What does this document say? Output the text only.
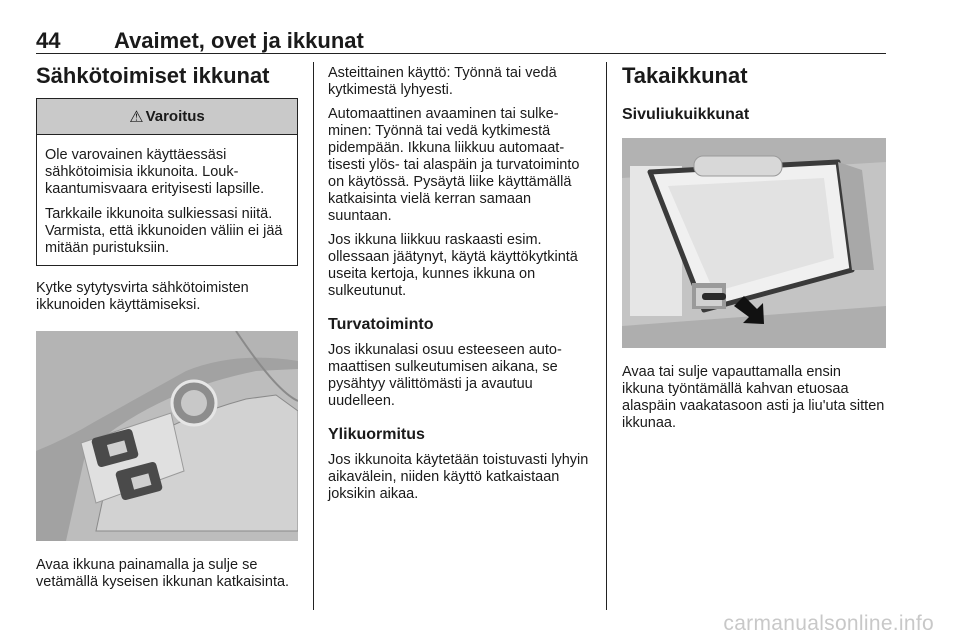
44 Avaimet, ovet ja ikkunat
Sähkötoimiset ikkunat
⚠ Varoitus

Ole varovainen käyttäessäsi sähkötoimisia ikkunoita. Loukkaantumisvaara erityisesti lapsille.

Tarkkaile ikkunoita sulkiessasi niitä. Varmista, että ikkunoiden väliin ei jää mitään puristuksiin.

Kytke sytytysvirta sähkötoimisten ikkunoiden käyttämiseksi.

Avaa ikkuna painamalla ja sulje se vetämällä kyseisen ikkunan katkaisinta.

Asteittainen käyttö: Työnnä tai vedä kytkimestä lyhyesti.

Automaattinen avaaminen tai sulkeminen: Työnnä tai vedä kytkimestä pidempään. Ikkuna liikkuu automaattisesti ylös- tai alaspäin ja turvatoiminto on käytössä. Pysäytä liike käyttämällä katkaisinta vielä kerran samaan suuntaan.

Jos ikkuna liikkuu raskaasti esim. ollessaan jäätynyt, käytä käyttökytkintä useita kertoja, kunnes ikkuna on sulkeutunut.

Turvatoiminto

Jos ikkunalasi osuu esteeseen automaattisen sulkeutumisen aikana, se pysähtyy välittömästi ja avautuu uudelleen.

Ylikuormitus

Jos ikkunoita käytetään toistuvasti lyhyin aikavälein, niiden käyttö katkaistaan joksikin aikaa.

Takaikkunat
Sivuliukuikkunat

Avaa tai sulje vapauttamalla ensin ikkuna työntämällä kahvan etuosaa alaspäin vaakatasoon asti ja liu'uta sitten ikkunaa.

carmanualsonline.info
